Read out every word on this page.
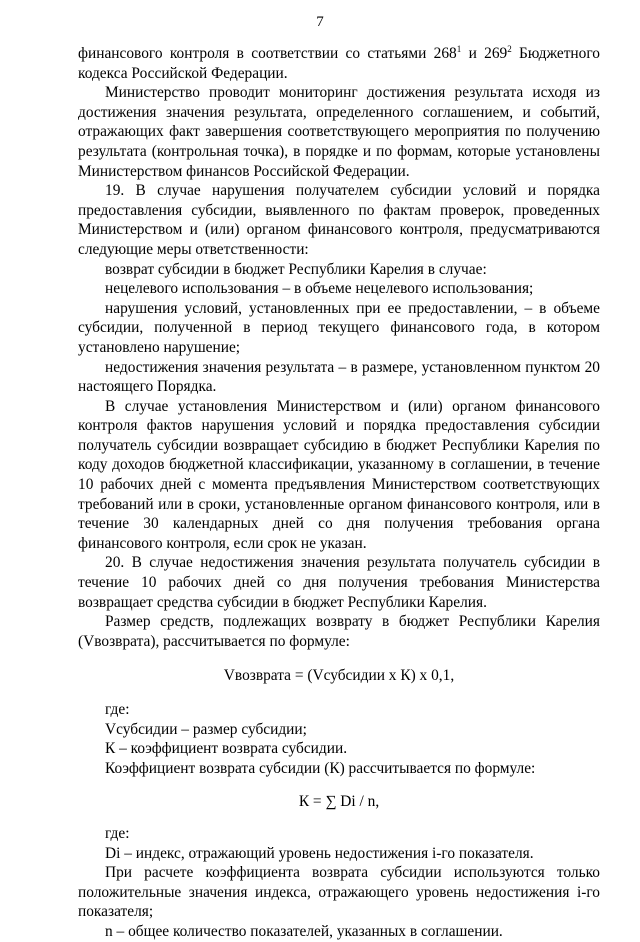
7

финансового контроля в соответствии со статьями $268^1$ и $269^2$ Бюджетного кодекса Российской Федерации.

Министерство проводит мониторинг достижения результата исходя из достижения значения результата, определенного соглашением, и событий, отражающих факт завершения соответствующего мероприятия по получению результата (контрольная точка), в порядке и по формам, которые установлены Министерством финансов Российской Федерации.

19. В случае нарушения получателем субсидии условий и порядка предоставления субсидии, выявленного по фактам проверок, проведенных Министерством и (или) органом финансового контроля, предусматриваются следующие меры ответственности:

возврат субсидии в бюджет Республики Карелия в случае:

нецелевого использования – в объеме нецелевого использования;

нарушения условий, установленных при ее предоставлении, – в объеме субсидии, полученной в период текущего финансового года, в котором установлено нарушение;

недостижения значения результата – в размере, установленном пунктом 20 настоящего Порядка.

В случае установления Министерством и (или) органом финансового контроля фактов нарушения условий и порядка предоставления субсидии получатель субсидии возвращает субсидию в бюджет Республики Карелия по коду доходов бюджетной классификации, указанному в соглашении, в течение 10 рабочих дней с момента предъявления Министерством соответствующих требований или в сроки, установленные органом финансового контроля, или в течение 30 календарных дней со дня получения требования органа финансового контроля, если срок не указан.

20. В случае недостижения значения результата получатель субсидии в течение 10 рабочих дней со дня получения требования Министерства возвращает средства субсидии в бюджет Республики Карелия.

Размер средств, подлежащих возврату в бюджет Республики Карелия (Vвозврата), рассчитывается по формуле:

Vвозврата = (Vсубсидии x К) x 0,1,

где:

Vсубсидии – размер субсидии;

К – коэффициент возврата субсидии.

Коэффициент возврата субсидии (К) рассчитывается по формуле:

К = ∑ Di / n,

где:

Di – индекс, отражающий уровень недостижения i-го показателя.

При расчете коэффициента возврата субсидии используются только положительные значения индекса, отражающего уровень недостижения i-го показателя;

n – общее количество показателей, указанных в соглашении.
